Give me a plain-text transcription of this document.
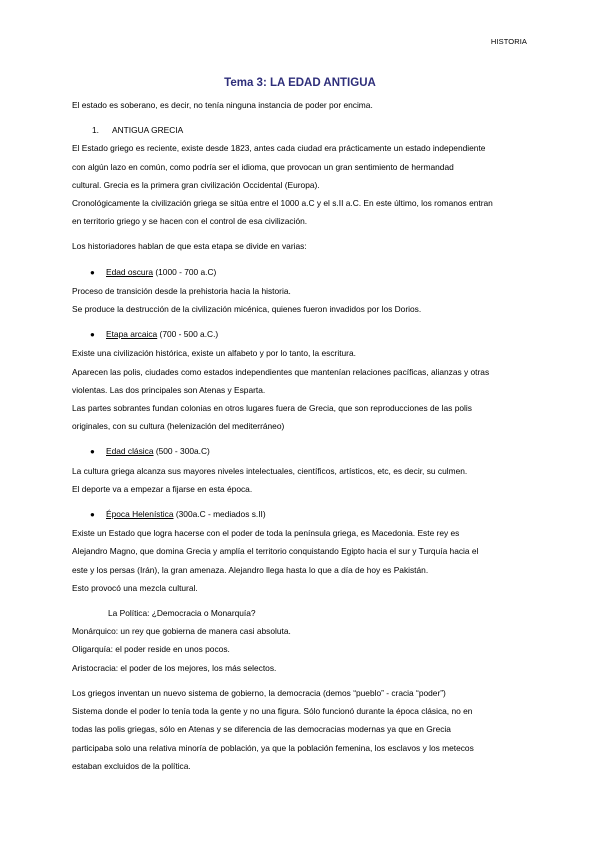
HISTORIA
Tema 3: LA EDAD ANTIGUA

El estado es soberano, es decir, no tenía ninguna instancia de poder por encima.

1. ANTIGUA GRECIA

El Estado griego es reciente, existe desde 1823, antes cada ciudad era prácticamente un estado independiente

con algún lazo en común, como podría ser el idioma, que provocan un gran sentimiento de hermandad

cultural. Grecia es la primera gran civilización Occidental (Europa).

Cronológicamente la civilización griega se sitúa entre el 1000 a.C y el s.II a.C. En este último, los romanos entran

en territorio griego y se hacen con el control de esa civilización.

Los historiadores hablan de que esta etapa se divide en varias:

●	Edad oscura (1000 - 700 a.C)

Proceso de transición desde la prehistoria hacia la historia.

Se produce la destrucción de la civilización micénica, quienes fueron invadidos por los Dorios.

●	Etapa arcaica (700 - 500 a.C.)

Existe una civilización histórica, existe un alfabeto y por lo tanto, la escritura.

Aparecen las polis, ciudades como estados independientes que mantenían relaciones pacíficas, alianzas y otras

violentas. Las dos principales son Atenas y Esparta.

Las partes sobrantes fundan colonias en otros lugares fuera de Grecia, que son reproducciones de las polis

originales, con su cultura (helenización del mediterráneo)

●	Edad clásica (500 - 300a.C)

La cultura griega alcanza sus mayores niveles intelectuales, científicos, artísticos, etc, es decir, su culmen.

El deporte va a empezar a fijarse en esta época.

●	Época Helenística (300a.C - mediados s.II)

Existe un Estado que logra hacerse con el poder de toda la península griega, es Macedonia. Este rey es

Alejandro Magno, que domina Grecia y amplía el territorio conquistando Egipto hacia el sur y Turquía hacia el

este y los persas (Irán), la gran amenaza. Alejandro llega hasta lo que a día de hoy es Pakistán.

Esto provocó una mezcla cultural.

La Política: ¿Democracia o Monarquía?

Monárquico: un rey que gobierna de manera casi absoluta.

Oligarquía: el poder reside en unos pocos.

Aristocracia: el poder de los mejores, los más selectos.

Los griegos inventan un nuevo sistema de gobierno, la democracia (demos “pueblo” - cracia “poder”)

Sistema donde el poder lo tenía toda la gente y no una figura. Sólo funcionó durante la época clásica, no en

todas las polis griegas, sólo en Atenas y se diferencia de las democracias modernas ya que en Grecia

participaba solo una relativa minoría de población, ya que la población femenina, los esclavos y los metecos

estaban excluidos de la política.
